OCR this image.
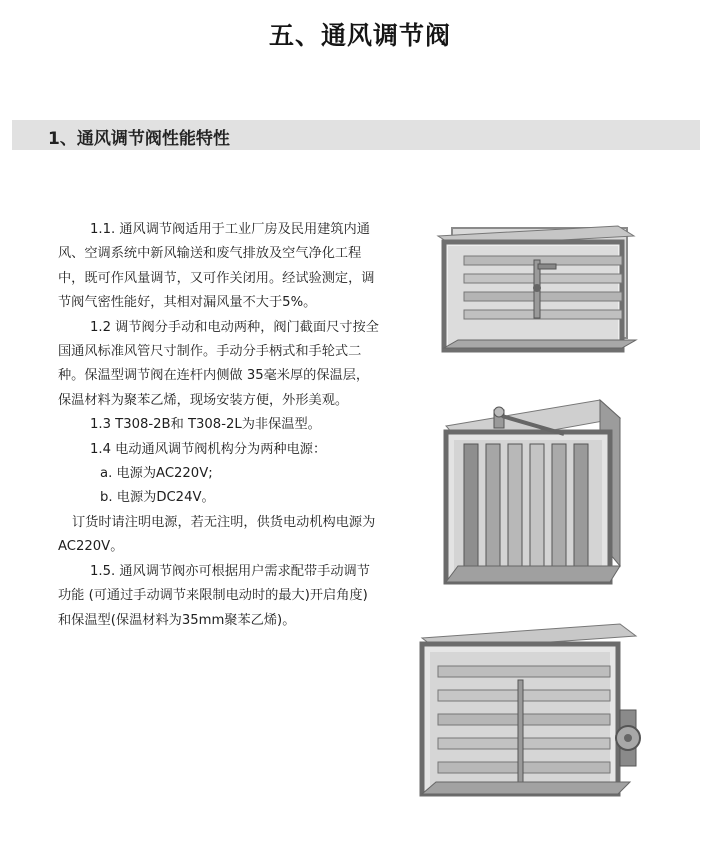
五、通风调节阀
1、通风调节阀性能特性

1.1. 通风调节阀适用于工业厂房及民用建筑内通风、空调系统中新风输送和废气排放及空气净化工程中，既可作风量调节，又可作关闭用。经试验测定，调节阀气密性能好，其相对漏风量不大于5%。

1.2 调节阀分手动和电动两种，阀门截面尺寸按全国通风标准风管尺寸制作。手动分手柄式和手轮式二种。保温型调节阀在连杆内侧做 35毫米厚的保温层，保温材料为聚苯乙烯，现场安装方便，外形美观。

1.3 T308-2B和 T308-2L为非保温型。

1.4 电动通风调节阀机构分为两种电源：

a. 电源为AC220V;

b. 电源为DC24V。

订货时请注明电源，若无注明，供货电动机构电源为 AC220V。

1.5. 通风调节阀亦可根据用户需求配带手动调节功能 (可通过手动调节来限制电动时的最大)开启角度)和保温型(保温材料为35mm聚苯乙烯)。
